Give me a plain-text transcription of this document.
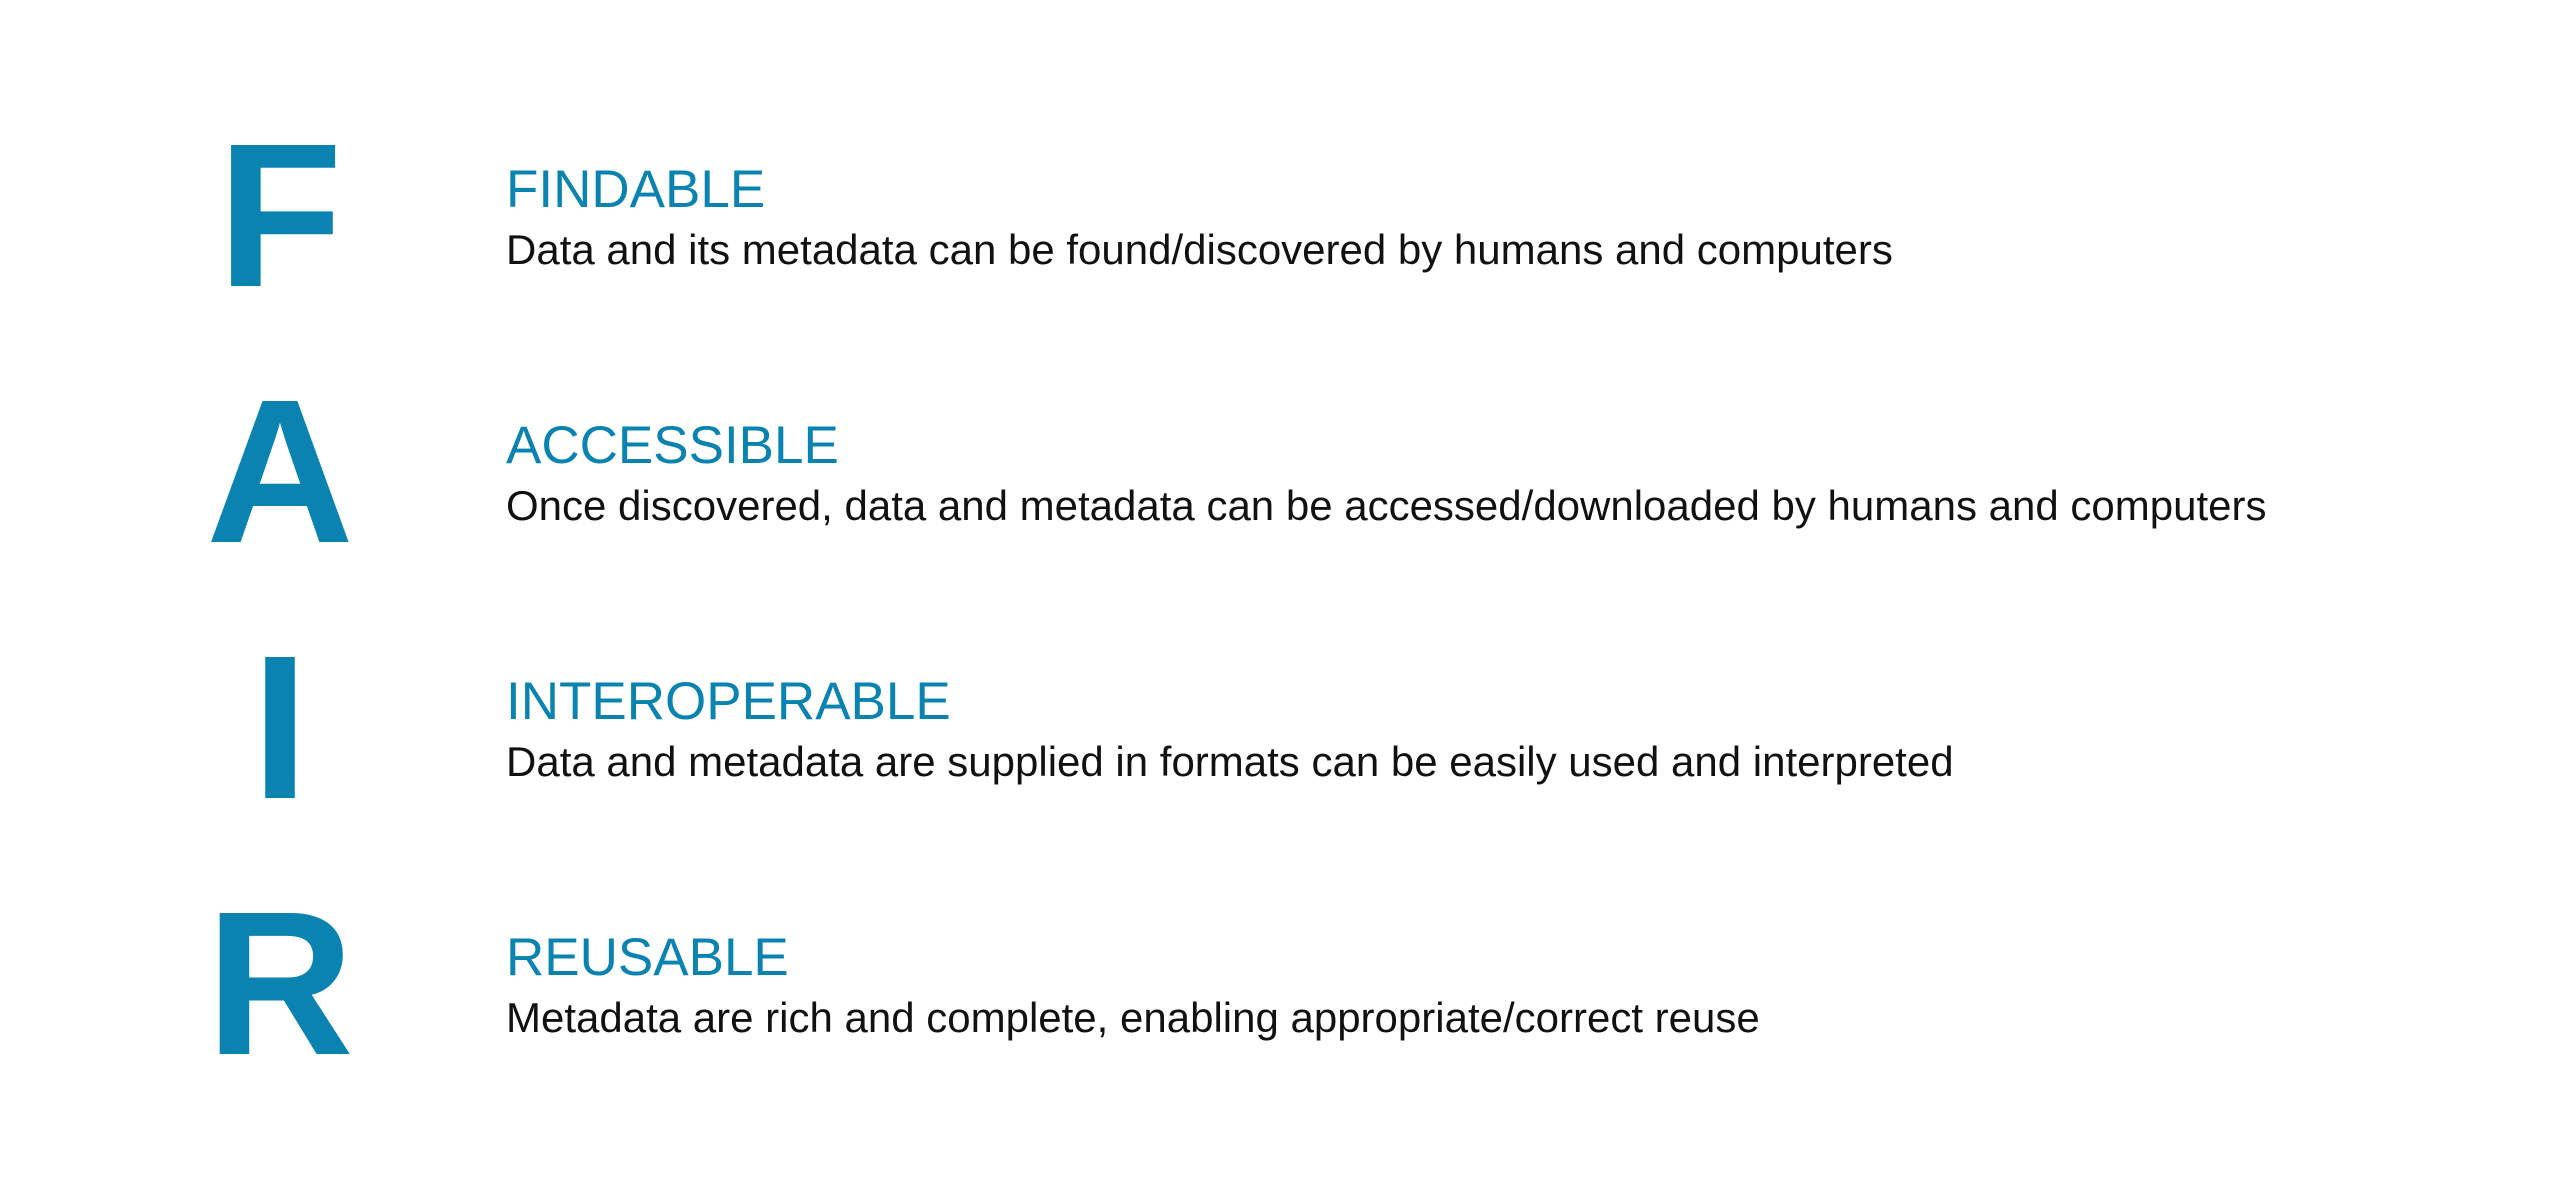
F	FINDABLE
Data and its metadata can be found/discovered by humans and computers
A	ACCESSIBLE
Once discovered, data and metadata can be accessed/downloaded by humans and computers
I	INTEROPERABLE
Data and metadata are supplied in formats can be easily used and interpreted
R	REUSABLE
Metadata are rich and complete, enabling appropriate/correct reuse
